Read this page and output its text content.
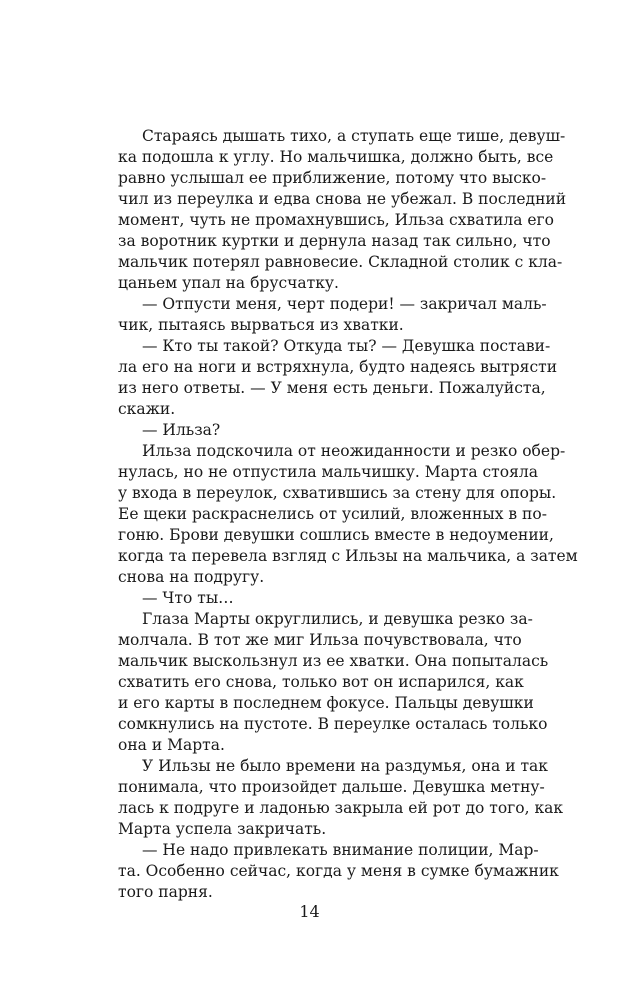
Стараясь дышать тихо, а ступать еще тише, девуш-
ка подошла к углу. Но мальчишка, должно быть, все
равно услышал ее приближение, потому что выско-
чил из переулка и едва снова не убежал. В последний
момент, чуть не промахнувшись, Ильза схватила его
за воротник куртки и дернула назад так сильно, что
мальчик потерял равновесие. Складной столик с кла-
цаньем упал на брусчатку.
— Отпусти меня, черт подери! — закричал маль-
чик, пытаясь вырваться из хватки.
— Кто ты такой? Откуда ты? — Девушка постави-
ла его на ноги и встряхнула, будто надеясь вытрясти
из него ответы. — У меня есть деньги. Пожалуйста,
скажи.
— Ильза?
Ильза подскочила от неожиданности и резко обер-
нулась, но не отпустила мальчишку. Марта стояла
у входа в переулок, схватившись за стену для опоры.
Ее щеки раскраснелись от усилий, вложенных в по-
гоню. Брови девушки сошлись вместе в недоумении,
когда та перевела взгляд с Ильзы на мальчика, а затем
снова на подругу.
— Что ты…
Глаза Марты округлились, и девушка резко за-
молчала. В тот же миг Ильза почувствовала, что
мальчик выскользнул из ее хватки. Она попыталась
схватить его снова, только вот он испарился, как
и его карты в последнем фокусе. Пальцы девушки
сомкнулись на пустоте. В переулке осталась только
она и Марта.
У Ильзы не было времени на раздумья, она и так
понимала, что произойдет дальше. Девушка метну-
лась к подруге и ладонью закрыла ей рот до того, как
Марта успела закричать.
— Не надо привлекать внимание полиции, Мар-
та. Особенно сейчас, когда у меня в сумке бумажник
того парня.
14
